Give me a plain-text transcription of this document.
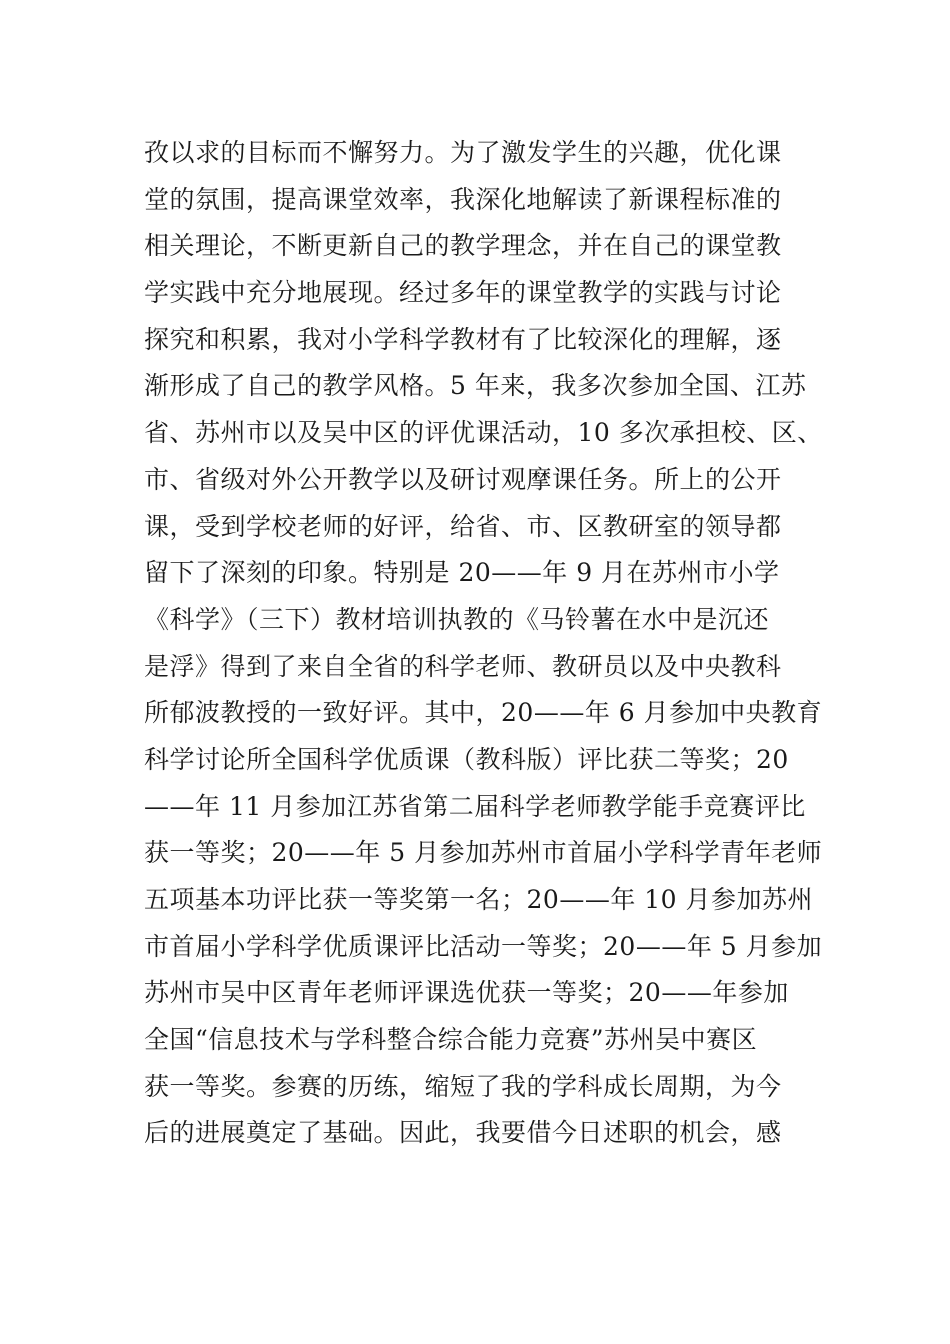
孜以求的目标而不懈努力。为了激发学生的兴趣，优化课
堂的氛围，提高课堂效率，我深化地解读了新课程标准的
相关理论，不断更新自己的教学理念，并在自己的课堂教
学实践中充分地展现。经过多年的课堂教学的实践与讨论
探究和积累，我对小学科学教材有了比较深化的理解，逐
渐形成了自己的教学风格。5 年来，我多次参加全国、江苏
省、苏州市以及吴中区的评优课活动，10 多次承担校、区、
市、省级对外公开教学以及研讨观摩课任务。所上的公开
课，受到学校老师的好评，给省、市、区教研室的领导都
留下了深刻的印象。特别是 20——年 9 月在苏州市小学
《科学》（三下）教材培训执教的《马铃薯在水中是沉还
是浮》得到了来自全省的科学老师、教研员以及中央教科
所郁波教授的一致好评。其中，20——年 6 月参加中央教育
科学讨论所全国科学优质课（教科版）评比获二等奖；20
——年 11 月参加江苏省第二届科学老师教学能手竞赛评比
获一等奖；20——年 5 月参加苏州市首届小学科学青年老师
五项基本功评比获一等奖第一名；20——年 10 月参加苏州
市首届小学科学优质课评比活动一等奖；20——年 5 月参加
苏州市吴中区青年老师评课选优获一等奖；20——年参加
全国“信息技术与学科整合综合能力竞赛”苏州吴中赛区
获一等奖。参赛的历练，缩短了我的学科成长周期，为今
后的进展奠定了基础。因此，我要借今日述职的机会，感
